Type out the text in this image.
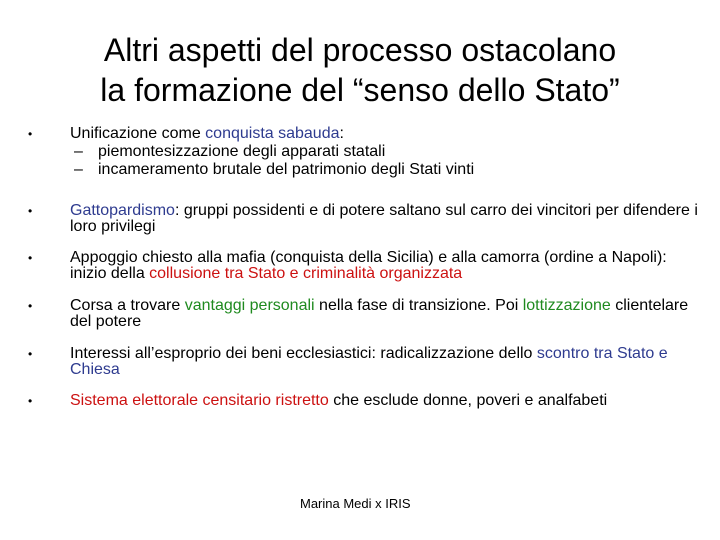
Altri aspetti del processo ostacolano
la formazione del “senso dello Stato”
• Unificazione come conquista sabauda:
– piemontesizzazione degli apparati statali
– incameramento brutale del patrimonio degli Stati vinti
• Gattopardismo: gruppi possidenti e di potere saltano sul carro dei vincitori per difendere i loro privilegi
• Appoggio chiesto alla mafia (conquista della Sicilia) e alla camorra (ordine a Napoli): inizio della collusione tra Stato e criminalità organizzata
• Corsa a trovare vantaggi personali nella fase di transizione. Poi lottizzazione clientelare del potere
• Interessi all’esproprio dei beni ecclesiastici: radicalizzazione dello scontro tra Stato e Chiesa
• Sistema elettorale censitario ristretto che esclude donne, poveri e analfabeti
Marina Medi x IRIS
